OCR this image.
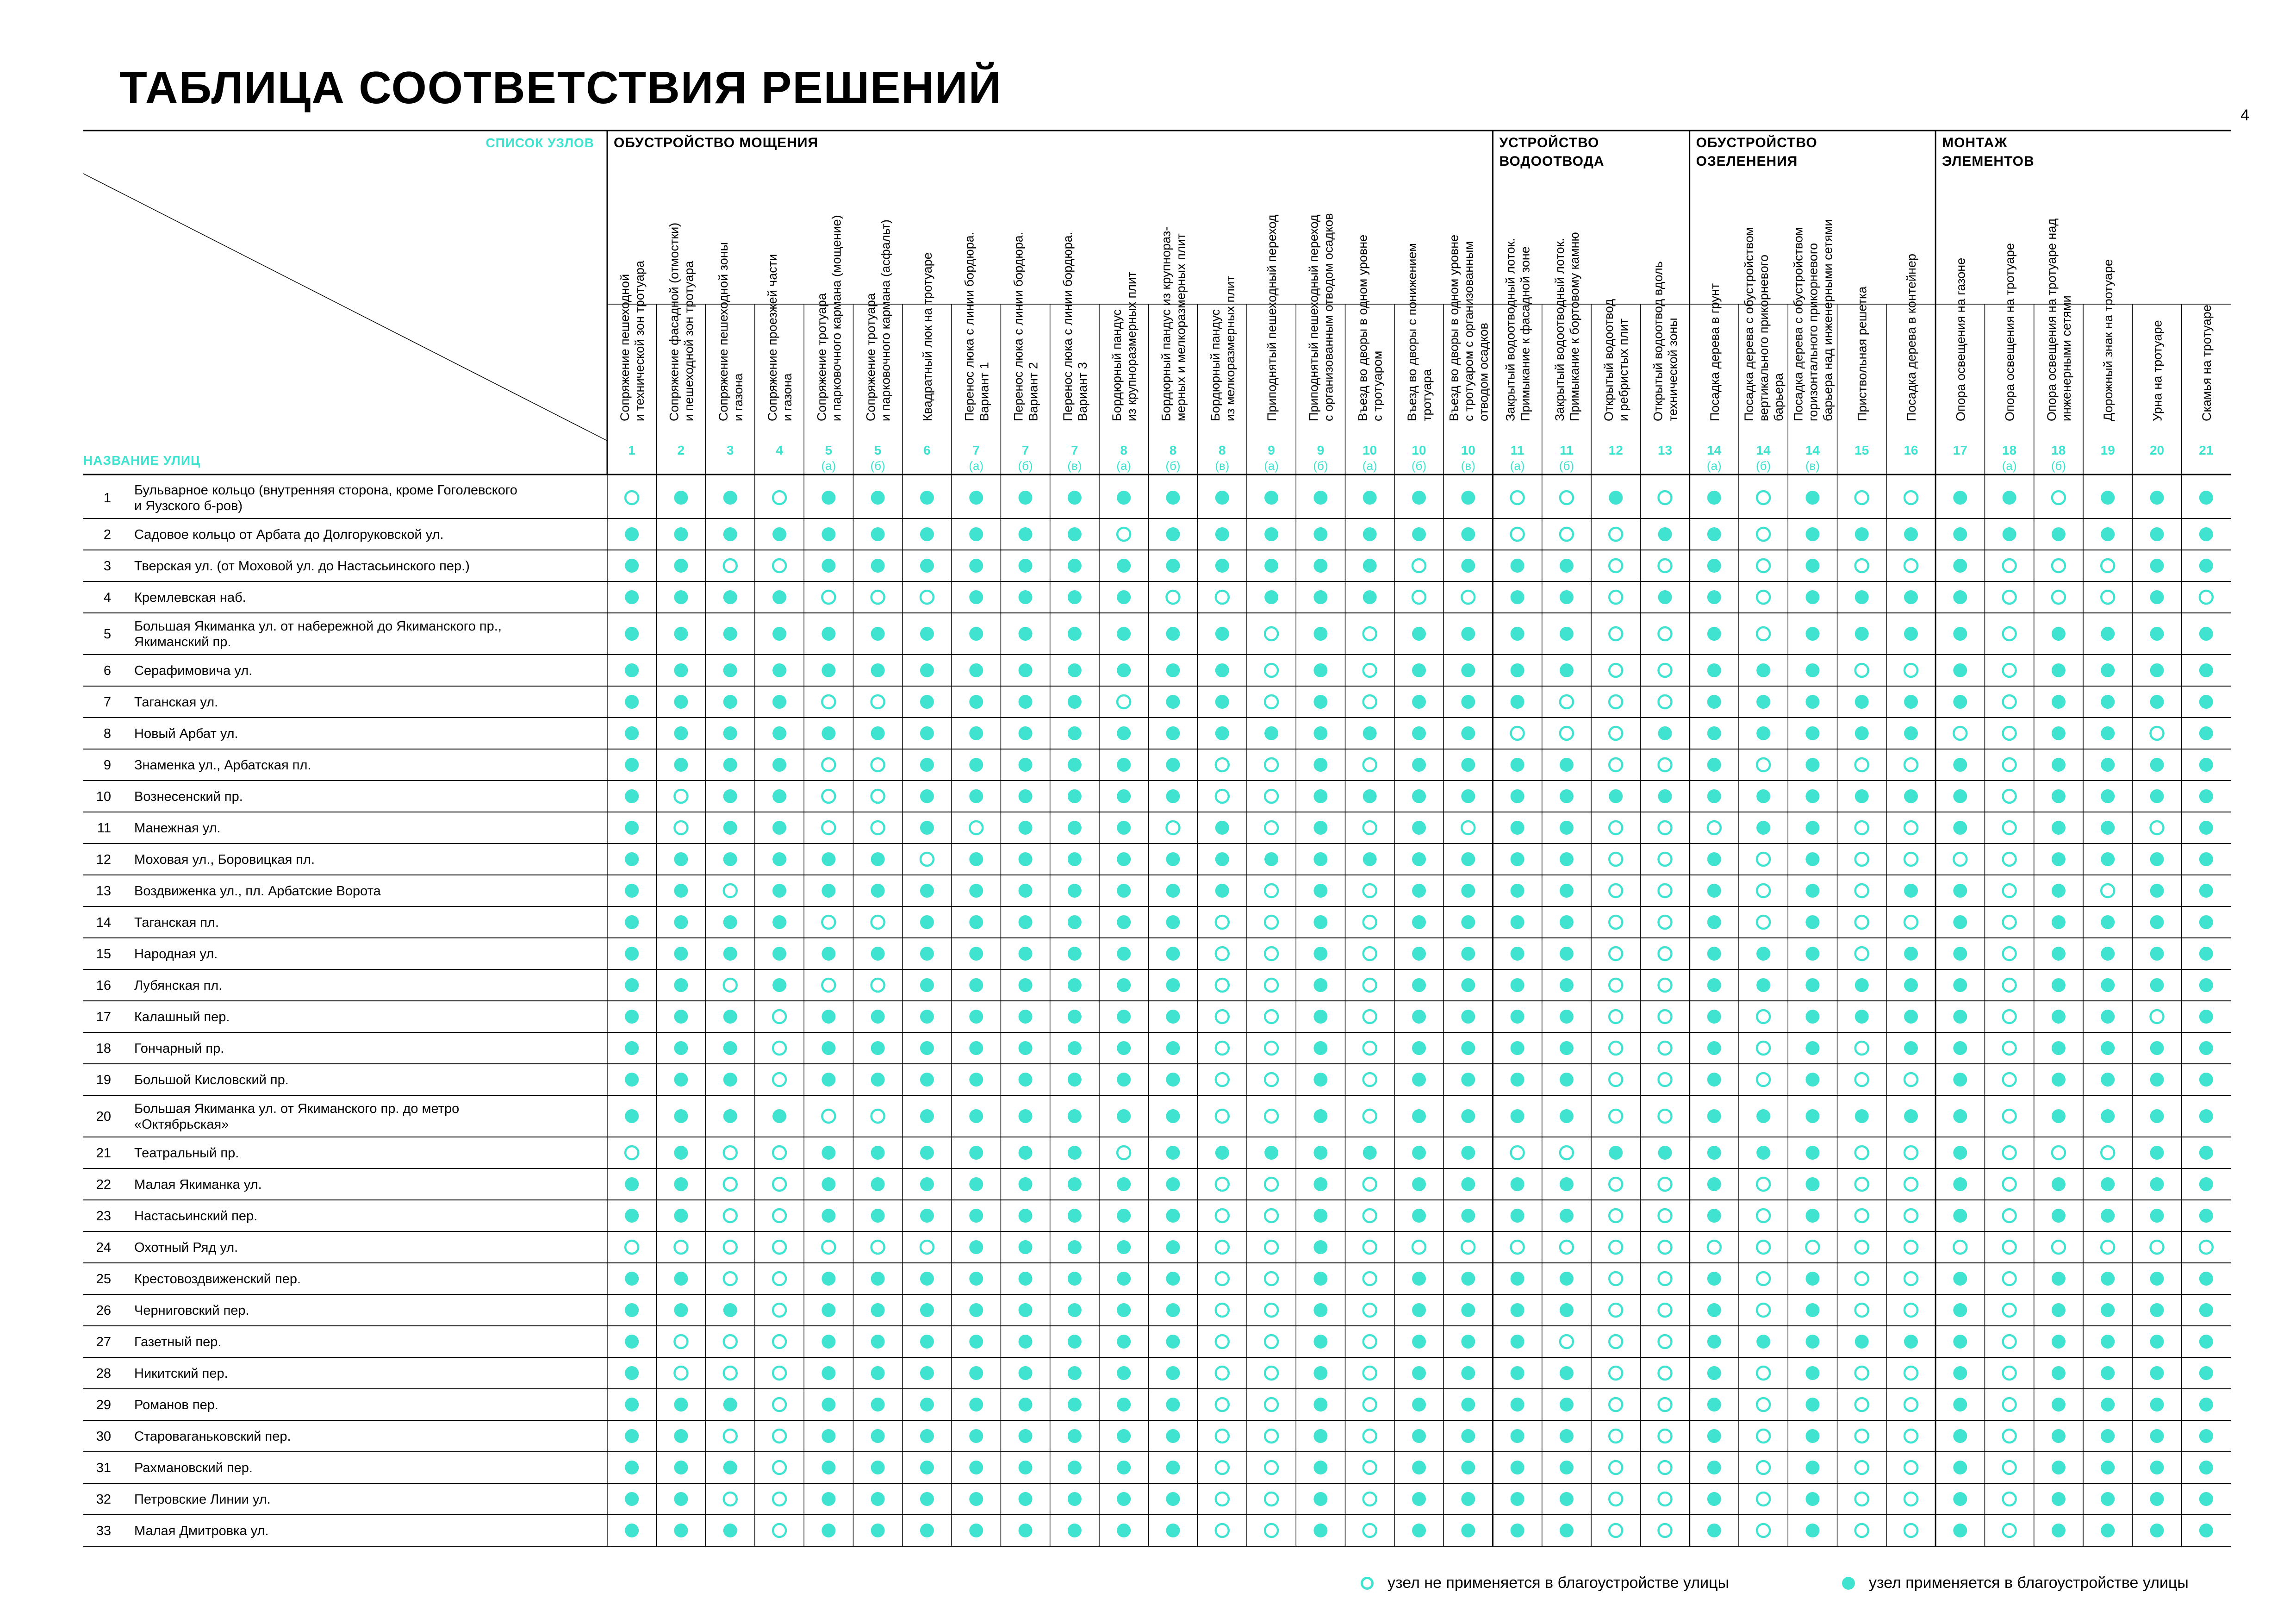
ТАБЛИЦА СООТВЕТСТВИЯ РЕШЕНИЙ
4
СПИСОК УЗЛОВ
НАЗВАНИЕ УЛИЦ
ОБУСТРОЙСТВО МОЩЕНИЯ	УСТРОЙСТВО
ВОДООТВОДА
ОБУСТРОЙСТВО
ОЗЕЛЕНЕНИЯ
МОНТАЖ
ЭЛЕМЕНТОВ
1
Бульварное кольцо (внутренняя сторона, кроме Гоголевского
и Яузского б-ров)
2 Садовое кольцо от Арбата до Долгоруковской ул.
3 Тверская ул. (от Моховой ул. до Настасьинского пер.)
4 Кремлевская наб.
5
Большая Якиманка ул. от набережной до Якиманского пр.,
Якиманский пр.
6 Серафимовича ул.
7 Таганская ул.
8 Новый Арбат ул.
9 Знаменка ул., Арбатская пл.
10 Вознесенский пр.
11 Манежная ул.
12 Моховая ул., Боровицкая пл.
13 Воздвиженка ул., пл. Арбатские Ворота
14 Таганская пл.
15 Народная ул.
16 Лубянская пл.
17 Калашный пер.
18 Гончарный пр.
19 Большой Кисловский пр.
20
Большая Якиманка ул. от Якиманского пр. до метро
«Октябрьская»
21 Театральный пр.
22 Малая Якиманка ул.
23 Настасьинский пер.
24 Охотный Ряд ул.
25 Крестовоздвиженский пер.
26 Черниговский пер.
27 Газетный пер.
28 Никитский пер.
29 Романов пер.
30 Староваганьковский пер.
31 Рахмановский пер.
32 Петровские Линии ул.
33 Малая Дмитровка ул.
Сопряжение пешеходной и технической зон тротуара
1
Сопряжение фасадной (отмостки) и пешеходной зон тротуара
2
Сопряжение пешеходной зоны и газона
3
Сопряжение проезжей части и газона
4
Сопряжение тротуара и парковочного кармана (мощение)
5
(а)
Сопряжение тротуара и парковочного кармана (асфальт)
5
(б)
Квадратный люк на тротуаре
6
Перенос люка с линии бордюра. Вариант 1
7
(а)
Перенос люка с линии бордюра. Вариант 2
7
(б)
Перенос люка с линии бордюра. Вариант 3
7
(в)
Бордюрный пандус из крупноразмерных плит
8
(а)
Бордюрный пандус из крупнораз- мерных и мелкоразмерных плит
8
(б)
Бордюрный пандус из мелкоразмерных плит
8
(в)
Приподнятый пешеходный переход
9
(а)
Приподнятый пешеходный переход с организованным отводом осадков
9
(б)
Въезд во дворы в одном уровне с тротуаром
10
(а)
Въезд во дворы с понижением тротуара
10
(б)
Въезд во дворы в одном уровне с тротуаром с организованным отводом осадков
10
(в)
Закрытый водоотводный лоток. Примыкание к фасадной зоне
11
(а)
Закрытый водоотводный лоток. Примыкание к бортовому камню
11
(б)
Открытый водоотвод и ребристых плит
12
Открытый водоотвод вдоль технической зоны
13
Посадка дерева в грунт
14
(а)
Посадка дерева с обустройством вертикального прикорневого барьера
14
(б)
Посадка дерева с обустройством горизонтального прикорневого барьера над инженерными сетями
14
(в)
Приствольная решетка
15
Посадка дерева в контейнер
16
Опора освещения на газоне
17
Опора освещения на тротуаре
18
(а)
Опора освещения на тротуаре над инженерными сетями
18
(б)
Дорожный знак на тротуаре
19
Урна на тротуаре
20
Скамья на тротуаре
21
узел не применяется в благоустройстве улицы	узел применяется в благоустройстве улицы
